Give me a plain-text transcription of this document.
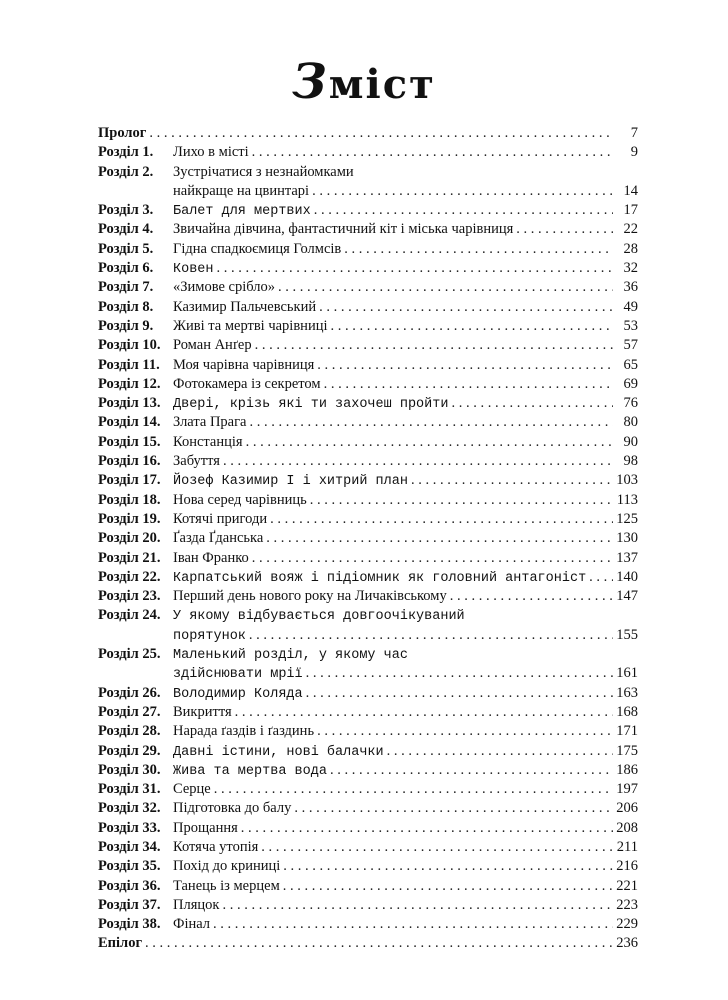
Зміст
Пролог . . .	7
Розділ 1.	Лихо в місті . . .	9
Розділ 2.	Зустрічатися з незнайомками
найкраще на цвинтарі . . .	14
Розділ 3.	Балет для мертвих . . .	17
Розділ 4.	Звичайна дівчина, фантастичний кіт і міська чарівниця . . .	22
Розділ 5.	Гідна спадкоємиця Голмсів . . .	28
Розділ 6.	Ковен . . .	32
Розділ 7.	«Зимове срібло» . . .	36
Розділ 8.	Казимир Пальчевський . . .	49
Розділ 9.	Живі та мертві чарівниці . . .	53
Розділ 10. Роман Анґер . . .	57
Розділ 11. Моя чарівна чарівниця . . .	65
Розділ 12. Фотокамера із секретом . . .	69
Розділ 13. Двері, крізь які ти захочеш пройти . . .	76
Розділ 14. Злата Прага . . .	80
Розділ 15. Констанція . . .	90
Розділ 16. Забуття . . .	98
Розділ 17. Йозеф Казимир I і хитрий план . . .	103
Розділ 18. Нова серед чарівниць . . .	113
Розділ 19. Котячі пригоди . . .	125
Розділ 20. Ґазда Ґданська . . .	130
Розділ 21. Іван Франко . . .	137
Розділ 22. Карпатський вояж і підіомник як головний антагоніст . . . 140
Розділ 23. Перший день нового року на Личаківському . . .	147
Розділ 24. У якому відбувається довгоочікуваний
порятунок . . .	155
Розділ 25. Маленький розділ, у якому час
здійснювати мрії . . .	161
Розділ 26. Володимир Коляда . . .	163
Розділ 27. Викриття . . .	168
Розділ 28. Нарада ґаздів і ґаздинь . . .	171
Розділ 29. Давні істини, нові балачки . . .	175
Розділ 30. Жива та мертва вода . . .	186
Розділ 31. Серце . . .	197
Розділ 32. Підготовка до балу . . .	206
Розділ 33. Прощання . . .	208
Розділ 34. Котяча утопія . . .	211
Розділ 35. Похід до криниці . . .	216
Розділ 36. Танець із мерцем . . .	221
Розділ 37. Пляцок . . .	223
Розділ 38. Фінал . . .	229
Епілог . . .	236
